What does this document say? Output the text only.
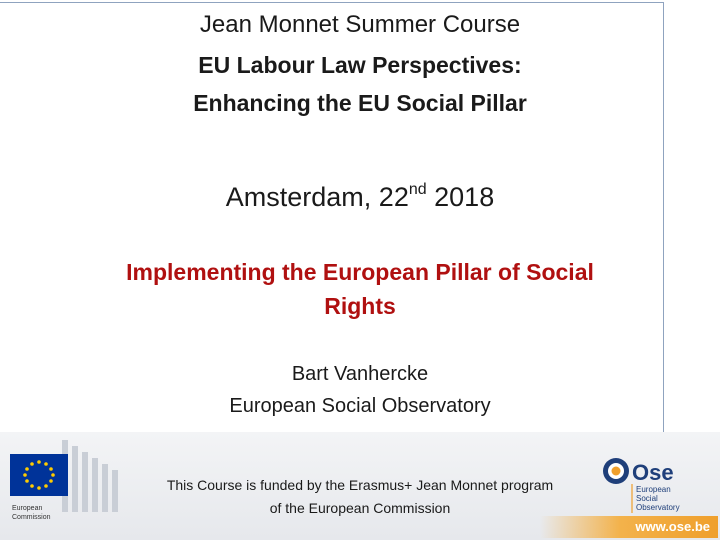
Jean Monnet Summer Course
EU Labour Law Perspectives:
Enhancing the EU Social Pillar
Amsterdam, 22nd 2018
Implementing the European Pillar of Social
Rights
Bart Vanhercke
European Social Observatory
European
Commission
This Course is funded by the Erasmus+ Jean Monnet program
of the European Commission
Ose
European
Social
Observatory
www.ose.be
